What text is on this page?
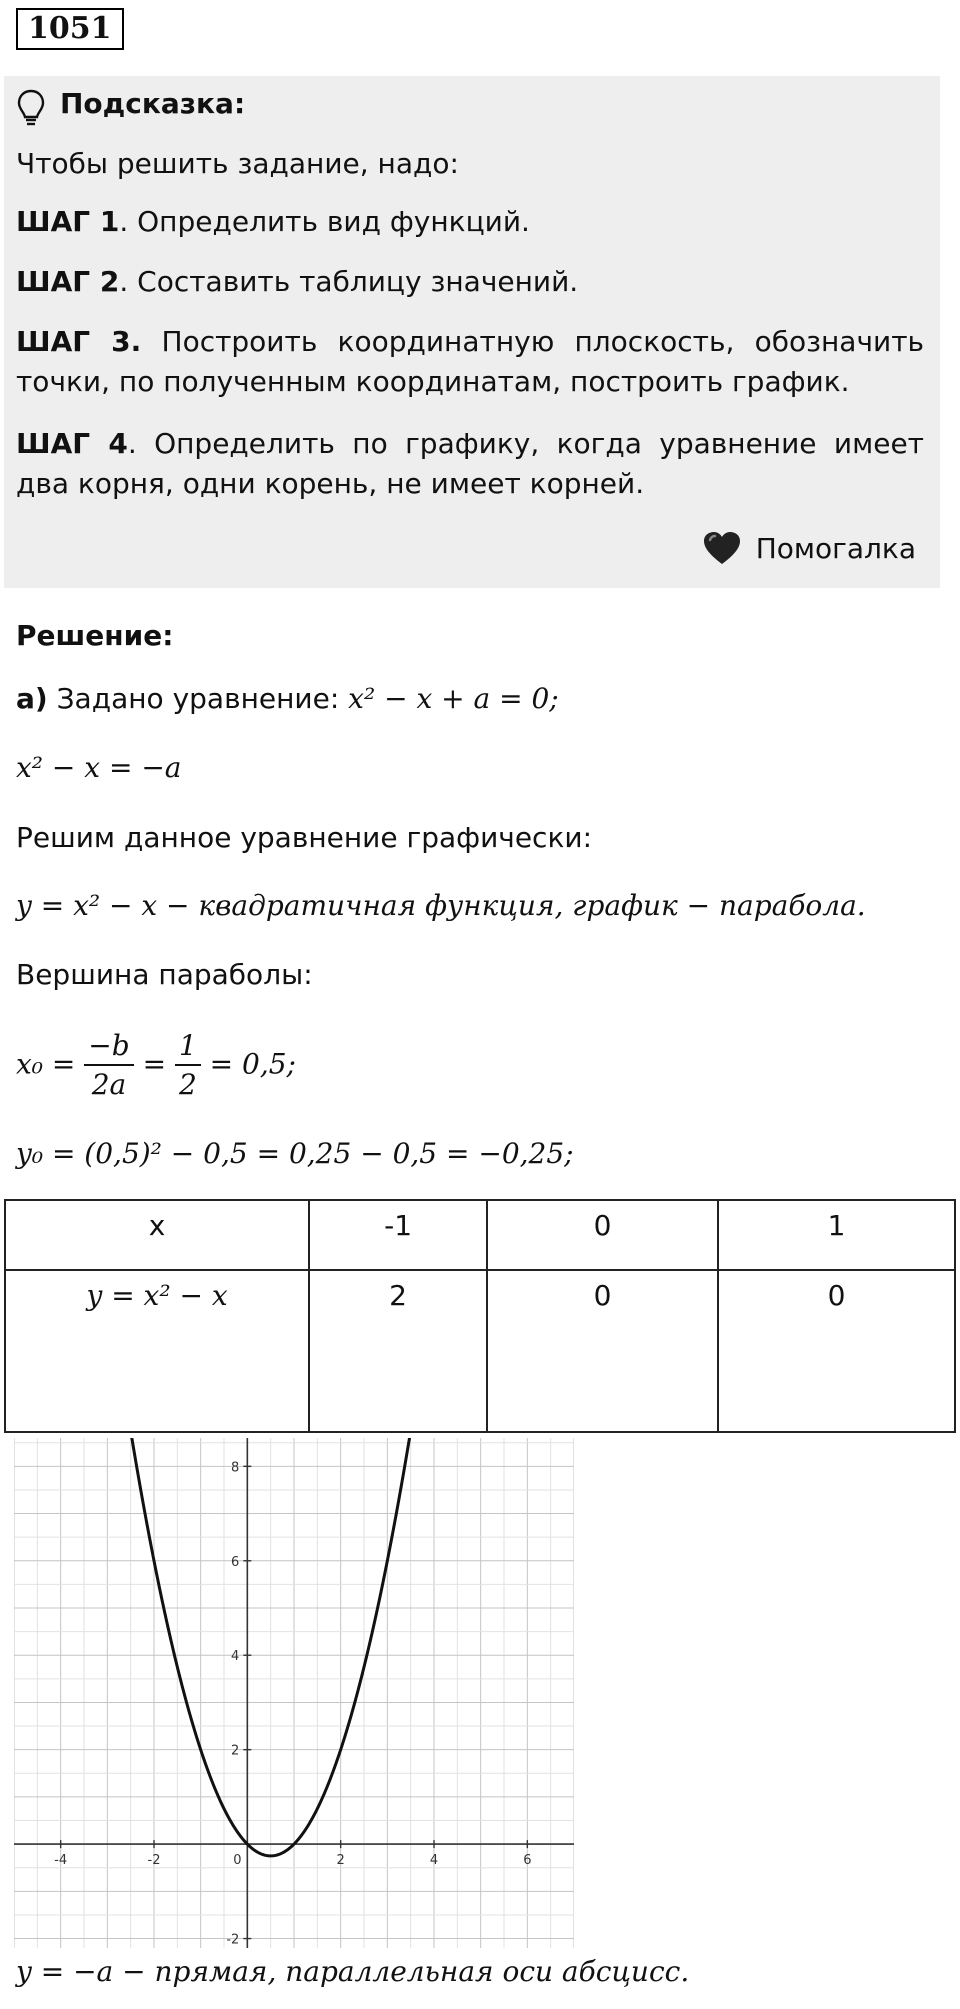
1051
Подсказка:
Чтобы решить задание, надо:
ШАГ 1. Определить вид функций.
ШАГ 2. Составить таблицу значений.
ШАГ 3. Построить координатную плоскость, обозначить точки, по полученным координатам, построить график.
ШАГ 4. Определить по графику, когда уравнение имеет два корня, одни корень, не имеет корней.
Помогалка
Решение:
а) Задано уравнение: x² − x + a = 0;
x² − x = −a
Решим данное уравнение графически:
y = x² − x − квадратичная функция, график − парабола.
Вершина параболы:
$x_0 = \frac{-b}{2a} = \frac{1}{2} = 0,5$;
y₀ = (0,5)² − 0,5 = 0,25 − 0,5 = −0,25;
x	-1	0	1
y = x² − x	2	0	0
-4	-2	0	2	4	6
-2
2
4
6
8
y = −a − прямая, параллельная оси абсцисс.
